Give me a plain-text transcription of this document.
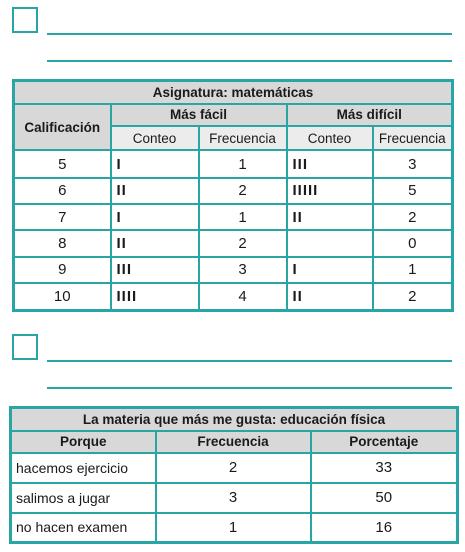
Asignatura: matemáticas				
Calificación	Más fácil		Más difícil	
	Conteo	Frecuencia	Conteo	Frecuencia
5	I	1	III	3
6	II	2	IIIII	5
7	I	1	II	2
8	II	2		0
9	III	3	I	1
10	IIII	4	II	2
La materia que más me gusta: educación física		
Porque	Frecuencia	Porcentaje
hacemos ejercicio	2	33
salimos a jugar	3	50
no hacen examen	1	16
